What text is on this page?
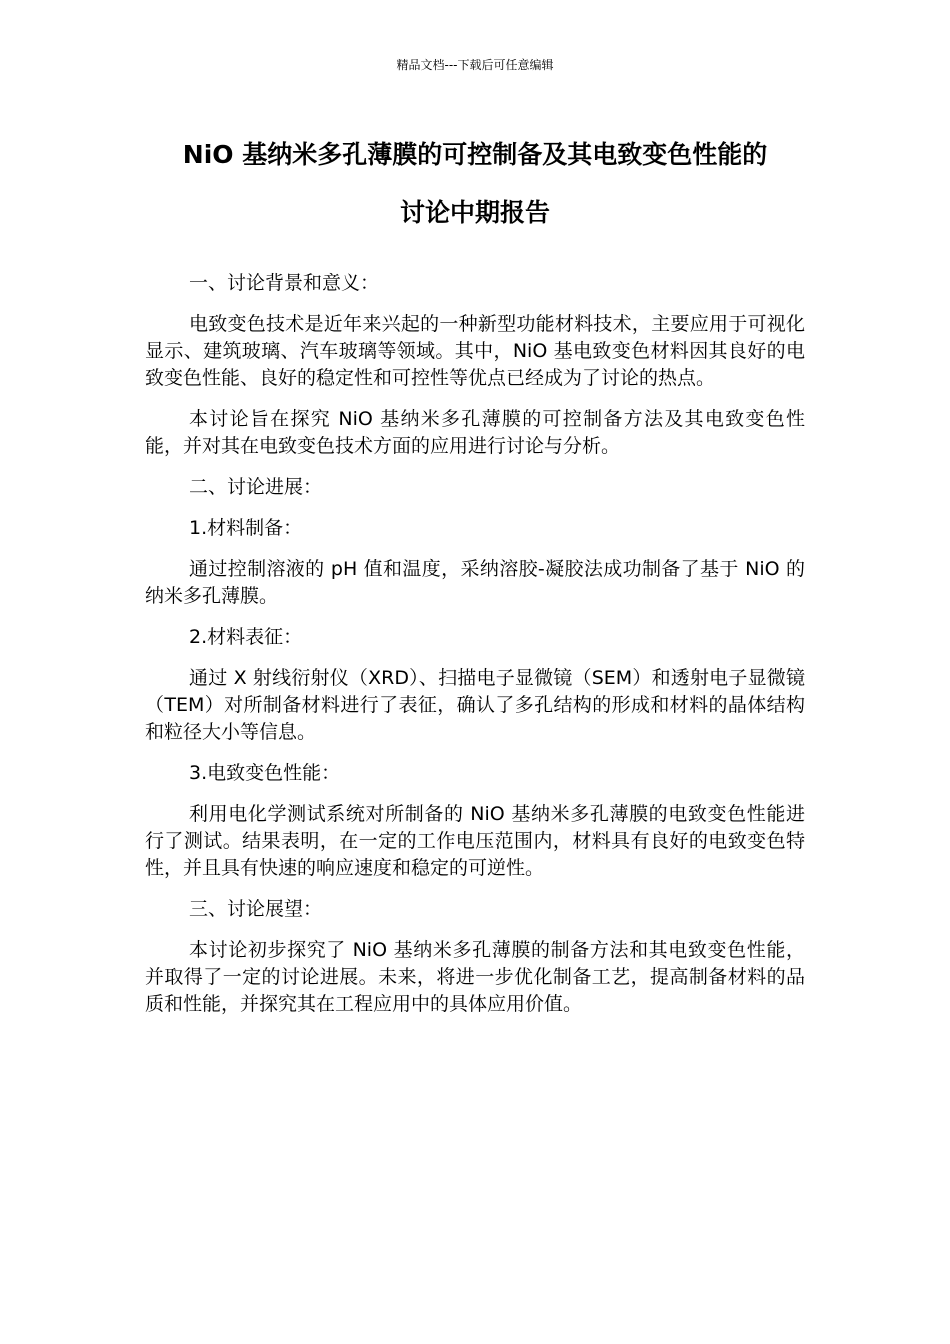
精品文档---下载后可任意编辑
NiO 基纳米多孔薄膜的可控制备及其电致变色性能的
讨论中期报告

一、讨论背景和意义：

电致变色技术是近年来兴起的一种新型功能材料技术，主要应用于可视化显示、建筑玻璃、汽车玻璃等领域。其中，NiO 基电致变色材料因其良好的电致变色性能、良好的稳定性和可控性等优点已经成为了讨论的热点。

本讨论旨在探究 NiO 基纳米多孔薄膜的可控制备方法及其电致变色性能，并对其在电致变色技术方面的应用进行讨论与分析。

二、讨论进展：

1.材料制备：

通过控制溶液的 pH 值和温度，采纳溶胶-凝胶法成功制备了基于 NiO 的纳米多孔薄膜。

2.材料表征：

通过 X 射线衍射仪（XRD）、扫描电子显微镜（SEM）和透射电子显微镜（TEM）对所制备材料进行了表征，确认了多孔结构的形成和材料的晶体结构和粒径大小等信息。

3.电致变色性能：

利用电化学测试系统对所制备的 NiO 基纳米多孔薄膜的电致变色性能进行了测试。结果表明，在一定的工作电压范围内，材料具有良好的电致变色特性，并且具有快速的响应速度和稳定的可逆性。

三、讨论展望：

本讨论初步探究了 NiO 基纳米多孔薄膜的制备方法和其电致变色性能，并取得了一定的讨论进展。未来，将进一步优化制备工艺，提高制备材料的品质和性能，并探究其在工程应用中的具体应用价值。
